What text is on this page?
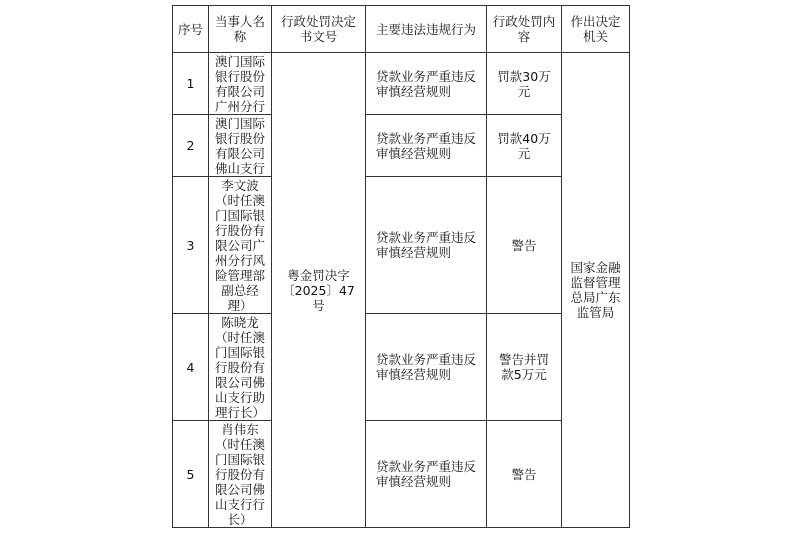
序号	当事人名称	行政处罚决定书文号	主要违法违规行为	行政处罚内容	作出决定机关

1	澳门国际银行股份有限公司广州分行	粤金罚决字〔2025〕47号	贷款业务严重违反审慎经营规则	罚款30万元	国家金融监督管理总局广东监管局

2	澳门国际银行股份有限公司佛山支行		贷款业务严重违反审慎经营规则	罚款40万元	

3	李文波（时任澳门国际银行股份有限公司广州分行风险管理部副总经理）		贷款业务严重违反审慎经营规则	警告	

4	陈晓龙（时任澳门国际银行股份有限公司佛山支行助理行长）		贷款业务严重违反审慎经营规则	警告并罚款5万元	

5	肖伟东（时任澳门国际银行股份有限公司佛山支行行长）		贷款业务严重违反审慎经营规则	警告	
